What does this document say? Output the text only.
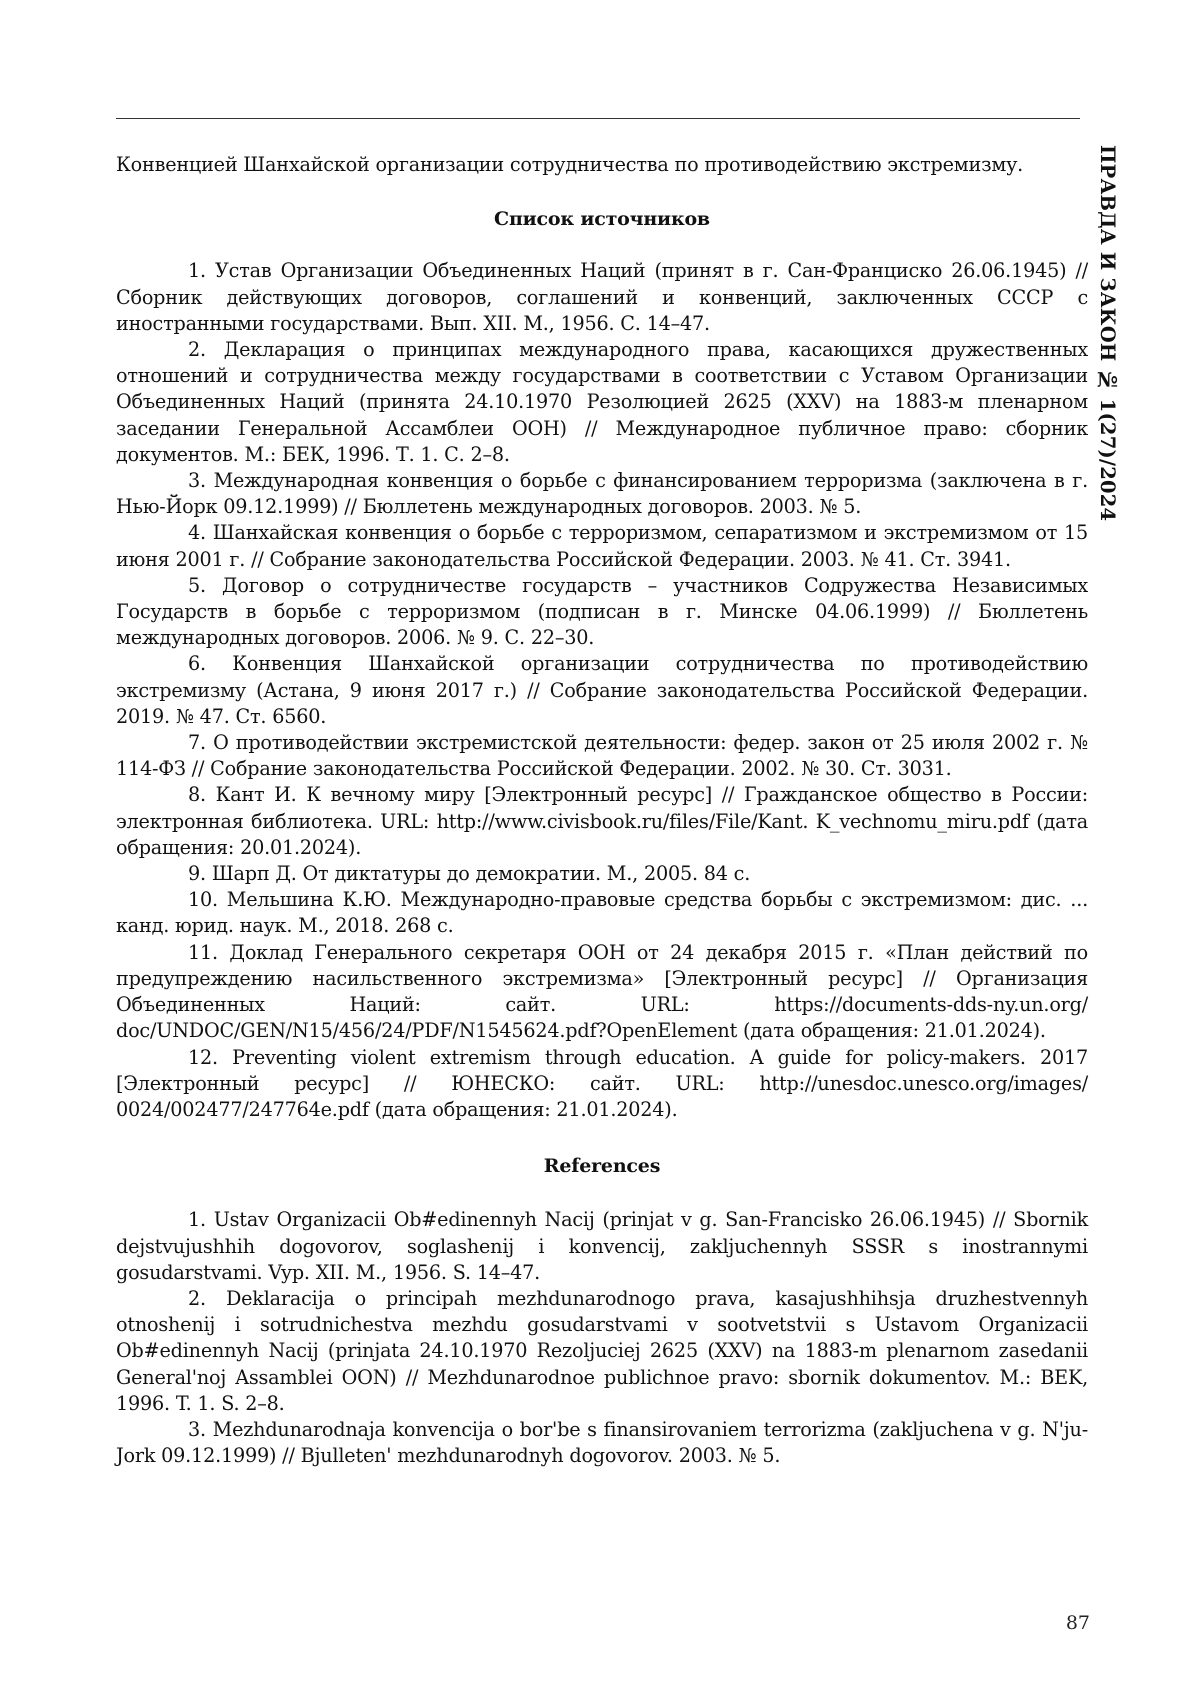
ПРАВДА И ЗАКОН № 1(27)/2024

Конвенцией Шанхайской организации сотрудничества по противодействию экстремизму.

Список источников

1. Устав Организации Объединенных Наций (принят в г. Сан-Франциско 26.06.1945) // Сборник действующих договоров, соглашений и конвенций, заключенных СССР с иностранными государствами. Вып. XII. М., 1956. С. 14–47.

2. Декларация о принципах международного права, касающихся дружественных отношений и сотрудничества между государствами в соответствии с Уставом Организации Объединенных Наций (принята 24.10.1970 Резолюцией 2625 (XXV) на 1883-м пленарном заседании Генеральной Ассамблеи ООН) // Международное публичное право: сборник документов. М.: БЕК, 1996. Т. 1. С. 2–8.

3. Международная конвенция о борьбе с финансированием терроризма (заключена в г. Нью-Йорк 09.12.1999) // Бюллетень международных договоров. 2003. № 5.

4. Шанхайская конвенция о борьбе с терроризмом, сепаратизмом и экстремизмом от 15 июня 2001 г. // Собрание законодательства Российской Федерации. 2003. № 41. Ст. 3941.

5. Договор о сотрудничестве государств – участников Содружества Независимых Государств в борьбе с терроризмом (подписан в г. Минске 04.06.1999) // Бюллетень международных договоров. 2006. № 9. С. 22–30.

6. Конвенция Шанхайской организации сотрудничества по противодействию экстремизму (Астана, 9 июня 2017 г.) // Собрание законодательства Российской Федерации. 2019. № 47. Ст. 6560.

7. О противодействии экстремистской деятельности: федер. закон от 25 июля 2002 г. № 114-ФЗ // Собрание законодательства Российской Федерации. 2002. № 30. Ст. 3031.

8. Кант И. К вечному миру [Электронный ресурс] // Гражданское общество в России: электронная библиотека. URL: http://www.civisbook.ru/files/File/Kant. K_vechnomu_miru.pdf (дата обращения: 20.01.2024).

9. Шарп Д. От диктатуры до демократии. М., 2005. 84 с.

10. Мельшина К.Ю. Международно-правовые средства борьбы с экстремизмом: дис. ... канд. юрид. наук. М., 2018. 268 с.

11. Доклад Генерального секретаря ООН от 24 декабря 2015 г. «План действий по предупреждению насильственного экстремизма» [Электронный ресурс] // Организация Объединенных Наций: сайт. URL: https://documents-dds-ny.un.org/ doc/UNDOC/GEN/N15/456/24/PDF/N1545624.pdf?OpenElement (дата обращения: 21.01.2024).

12. Preventing violent extremism through education. A guide for policy-makers. 2017 [Электронный ресурс] // ЮНЕСКО: сайт. URL: http://unesdoc.unesco.org/images/ 0024/002477/247764e.pdf (дата обращения: 21.01.2024).

References

1. Ustav Organizacii Ob#edinennyh Nacij (prinjat v g. San-Francisko 26.06.1945) // Sbornik dejstvujushhih dogovorov, soglashenij i konvencij, zakljuchennyh SSSR s inostrannymi gosudarstvami. Vyp. XII. M., 1956. S. 14–47.

2. Deklaracija o principah mezhdunarodnogo prava, kasajushhihsja druzhestvennyh otnoshenij i sotrudnichestva mezhdu gosudarstvami v sootvetstvii s Ustavom Organizacii Ob#edinennyh Nacij (prinjata 24.10.1970 Rezoljuciej 2625 (XXV) na 1883-m plenarnom zasedanii General'noj Assamblei OON) // Mezhdunarodnoe publichnoe pravo: sbornik dokumentov. M.: BEK, 1996. T. 1. S. 2–8.

3. Mezhdunarodnaja konvencija o bor'be s finansirovaniem terrorizma (zakljuchena v g. N'ju-Jork 09.12.1999) // Bjulleten' mezhdunarodnyh dogovorov. 2003. № 5.

87
